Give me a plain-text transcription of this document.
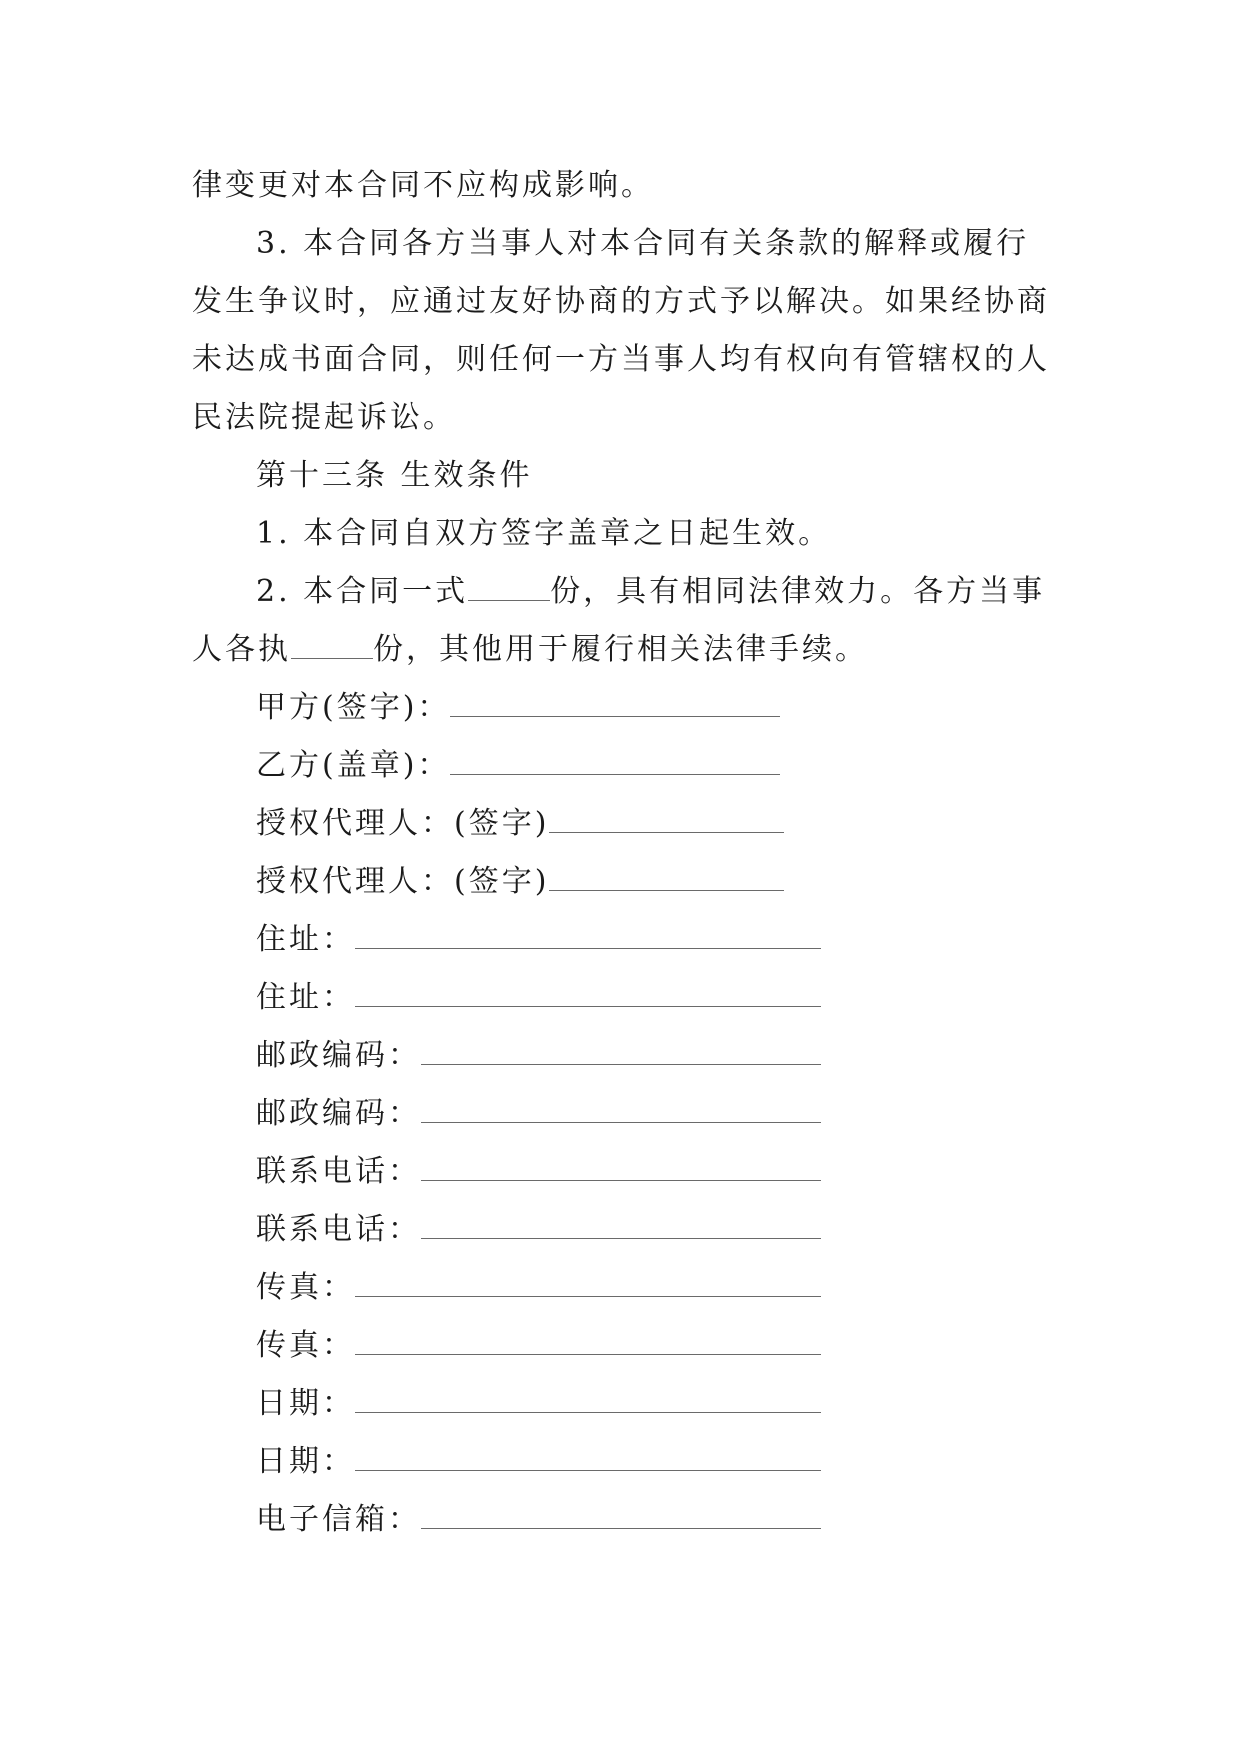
律变更对本合同不应构成影响。

3. 本合同各方当事人对本合同有关条款的解释或履行发生争议时，应通过友好协商的方式予以解决。如果经协商未达成书面合同，则任何一方当事人均有权向有管辖权的人民法院提起诉讼。

第十三条 生效条件

1. 本合同自双方签字盖章之日起生效。

2. 本合同一式	份，具有相同法律效力。各方当事人各执	份，其他用于履行相关法律手续。

甲方(签字)：

乙方(盖章)：

授权代理人：(签字)

授权代理人：(签字)

住址：

住址：

邮政编码：

邮政编码：

联系电话：

联系电话：

传真：

传真：

日期：

日期：

电子信箱：
